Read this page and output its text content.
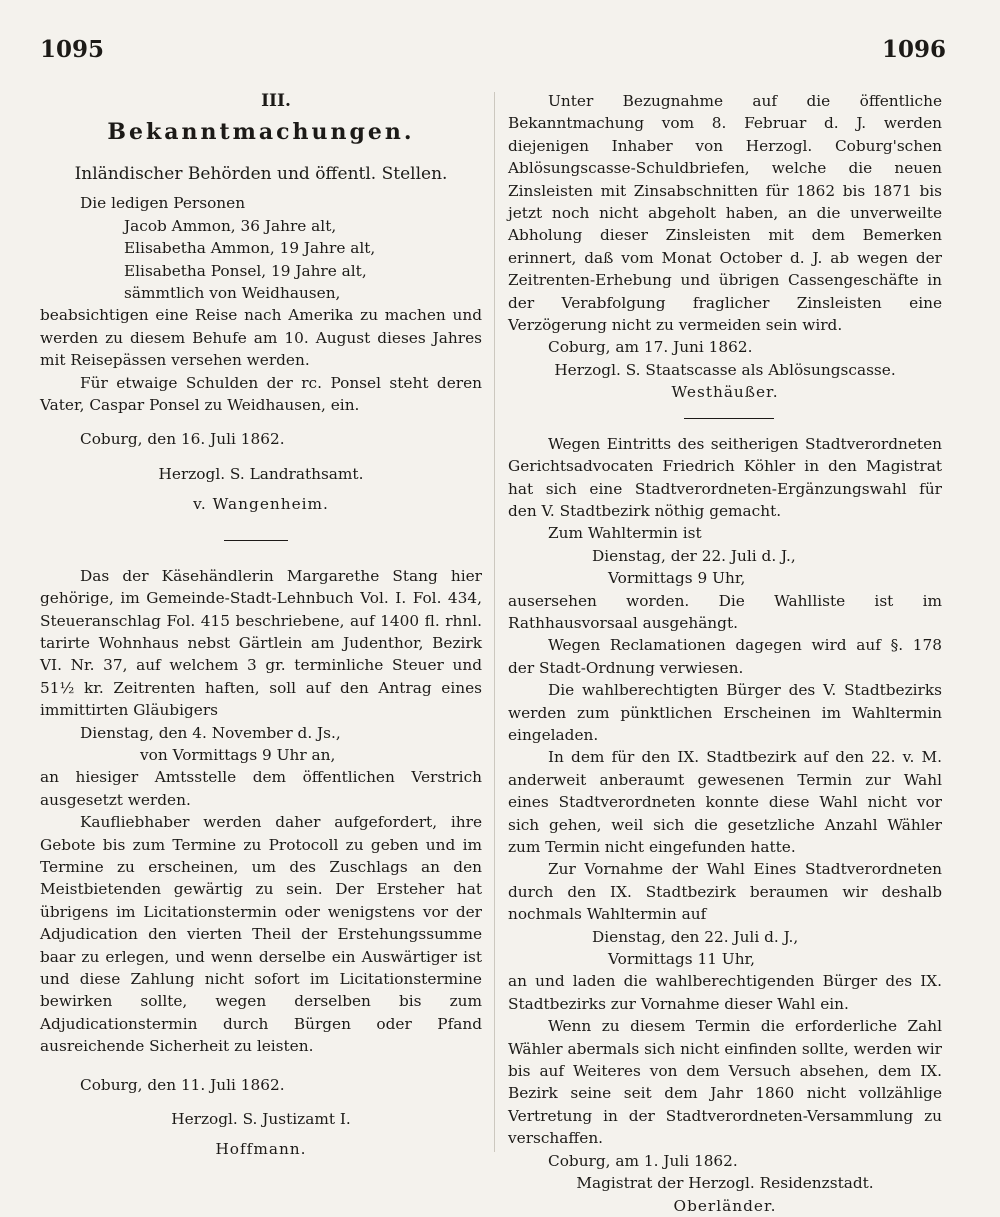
1095	1096

III.

Bekanntmachungen.

Inländischer Behörden und öffentl. Stellen.

Die ledigen Personen

Jacob Ammon, 36 Jahre alt,

Elisabetha Ammon, 19 Jahre alt,

Elisabetha Ponsel, 19 Jahre alt,

sämmtlich von Weidhausen,

beabsichtigen eine Reise nach Amerika zu machen und werden zu diesem Behufe am 10. August dieses Jahres mit Reisepässen versehen werden.

Für etwaige Schulden der rc. Ponsel steht deren Vater, Caspar Ponsel zu Weidhausen, ein.

Coburg, den 16. Juli 1862.

Herzogl. S. Landrathsamt.

v. Wangenheim.

Das der Käsehändlerin Margarethe Stang hier gehörige, im Gemeinde-Stadt-Lehnbuch Vol. I. Fol. 434, Steueranschlag Fol. 415 beschriebene, auf 1400 fl. rhnl. tarirte Wohnhaus nebst Gärtlein am Judenthor, Bezirk VI. Nr. 37, auf welchem 3 gr. terminliche Steuer und 51½ kr. Zeitrenten haften, soll auf den Antrag eines immittirten Gläubigers

Dienstag, den 4. November d. Js.,

von Vormittags 9 Uhr an,

an hiesiger Amtsstelle dem öffentlichen Verstrich ausgesetzt werden.

Kaufliebhaber werden daher aufgefordert, ihre Gebote bis zum Termine zu Protocoll zu geben und im Termine zu erscheinen, um des Zuschlags an den Meistbietenden gewärtig zu sein. Der Ersteher hat übrigens im Licitationstermin oder wenigstens vor der Adjudication den vierten Theil der Erstehungssumme baar zu erlegen, und wenn derselbe ein Auswärtiger ist und diese Zahlung nicht sofort im Licitationstermine bewirken sollte, wegen derselben bis zum Adjudicationstermin durch Bürgen oder Pfand ausreichende Sicherheit zu leisten.

Coburg, den 11. Juli 1862.

Herzogl. S. Justizamt I.

Hoffmann.

Unter Bezugnahme auf die öffentliche Bekanntmachung vom 8. Februar d. J. werden diejenigen Inhaber von Herzogl. Coburg'schen Ablösungscasse-Schuldbriefen, welche die neuen Zinsleisten mit Zinsabschnitten für 1862 bis 1871 bis jetzt noch nicht abgeholt haben, an die unverweilte Abholung dieser Zinsleisten mit dem Bemerken erinnert, daß vom Monat October d. J. ab wegen der Zeitrenten-Erhebung und übrigen Cassengeschäfte in der Verabfolgung fraglicher Zinsleisten eine Verzögerung nicht zu vermeiden sein wird.

Coburg, am 17. Juni 1862.

Herzogl. S. Staatscasse als Ablösungscasse.

Westhäußer.

Wegen Eintritts des seitherigen Stadtverordneten Gerichtsadvocaten Friedrich Köhler in den Magistrat hat sich eine Stadtverordneten-Ergänzungswahl für den V. Stadtbezirk nöthig gemacht.

Zum Wahltermin ist

Dienstag, der 22. Juli d. J.,

Vormittags 9 Uhr,

ausersehen worden. Die Wahlliste ist im Rathhausvorsaal ausgehängt.

Wegen Reclamationen dagegen wird auf §. 178 der Stadt-Ordnung verwiesen.

Die wahlberechtigten Bürger des V. Stadtbezirks werden zum pünktlichen Erscheinen im Wahltermin eingeladen.

In dem für den IX. Stadtbezirk auf den 22. v. M. anderweit anberaumt gewesenen Termin zur Wahl eines Stadtverordneten konnte diese Wahl nicht vor sich gehen, weil sich die gesetzliche Anzahl Wähler zum Termin nicht eingefunden hatte.

Zur Vornahme der Wahl Eines Stadtverordneten durch den IX. Stadtbezirk beraumen wir deshalb nochmals Wahltermin auf

Dienstag, den 22. Juli d. J.,

Vormittags 11 Uhr,

an und laden die wahlberechtigenden Bürger des IX. Stadtbezirks zur Vornahme dieser Wahl ein.

Wenn zu diesem Termin die erforderliche Zahl Wähler abermals sich nicht einfinden sollte, werden wir bis auf Weiteres von dem Versuch absehen, dem IX. Bezirk seine seit dem Jahr 1860 nicht vollzählige Vertretung in der Stadtverordneten-Versammlung zu verschaffen.

Coburg, am 1. Juli 1862.

Magistrat der Herzogl. Residenzstadt.

Oberländer.
